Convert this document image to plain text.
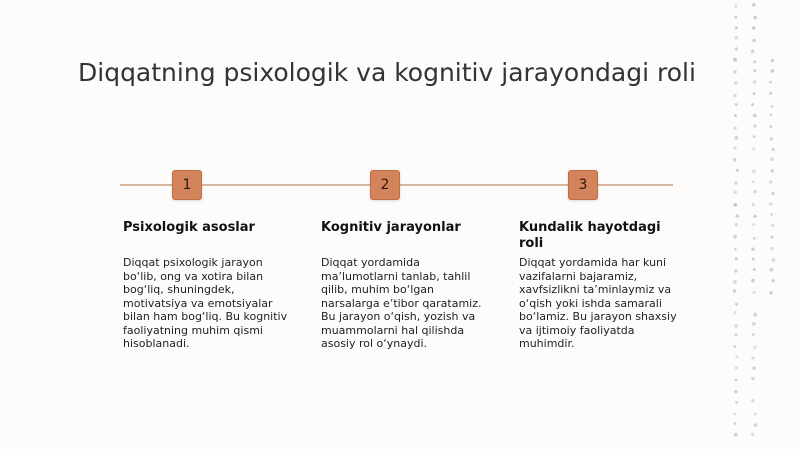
Diqqatning psixologik va kognitiv jarayondagi roli
1
Psixologik asoslar

Diqqat psixologik jarayon
bo‘lib, ong va xotira bilan
bog‘liq, shuningdek,
motivatsiya va emotsiyalar
bilan ham bog‘liq. Bu kognitiv
faoliyatning muhim qismi
hisoblanadi.

2
Kognitiv jarayonlar

Diqqat yordamida
ma’lumotlarni tanlab, tahlil
qilib, muhim bo‘lgan
narsalarga e’tibor qaratamiz.
Bu jarayon o‘qish, yozish va
muammolarni hal qilishda
asosiy rol o‘ynaydi.

3
Kundalik hayotdagi
roli

Diqqat yordamida har kuni
vazifalarni bajaramiz,
xavfsizlikni ta’minlaymiz va
o‘qish yoki ishda samarali
bo‘lamiz. Bu jarayon shaxsiy
va ijtimoiy faoliyatda
muhimdir.
